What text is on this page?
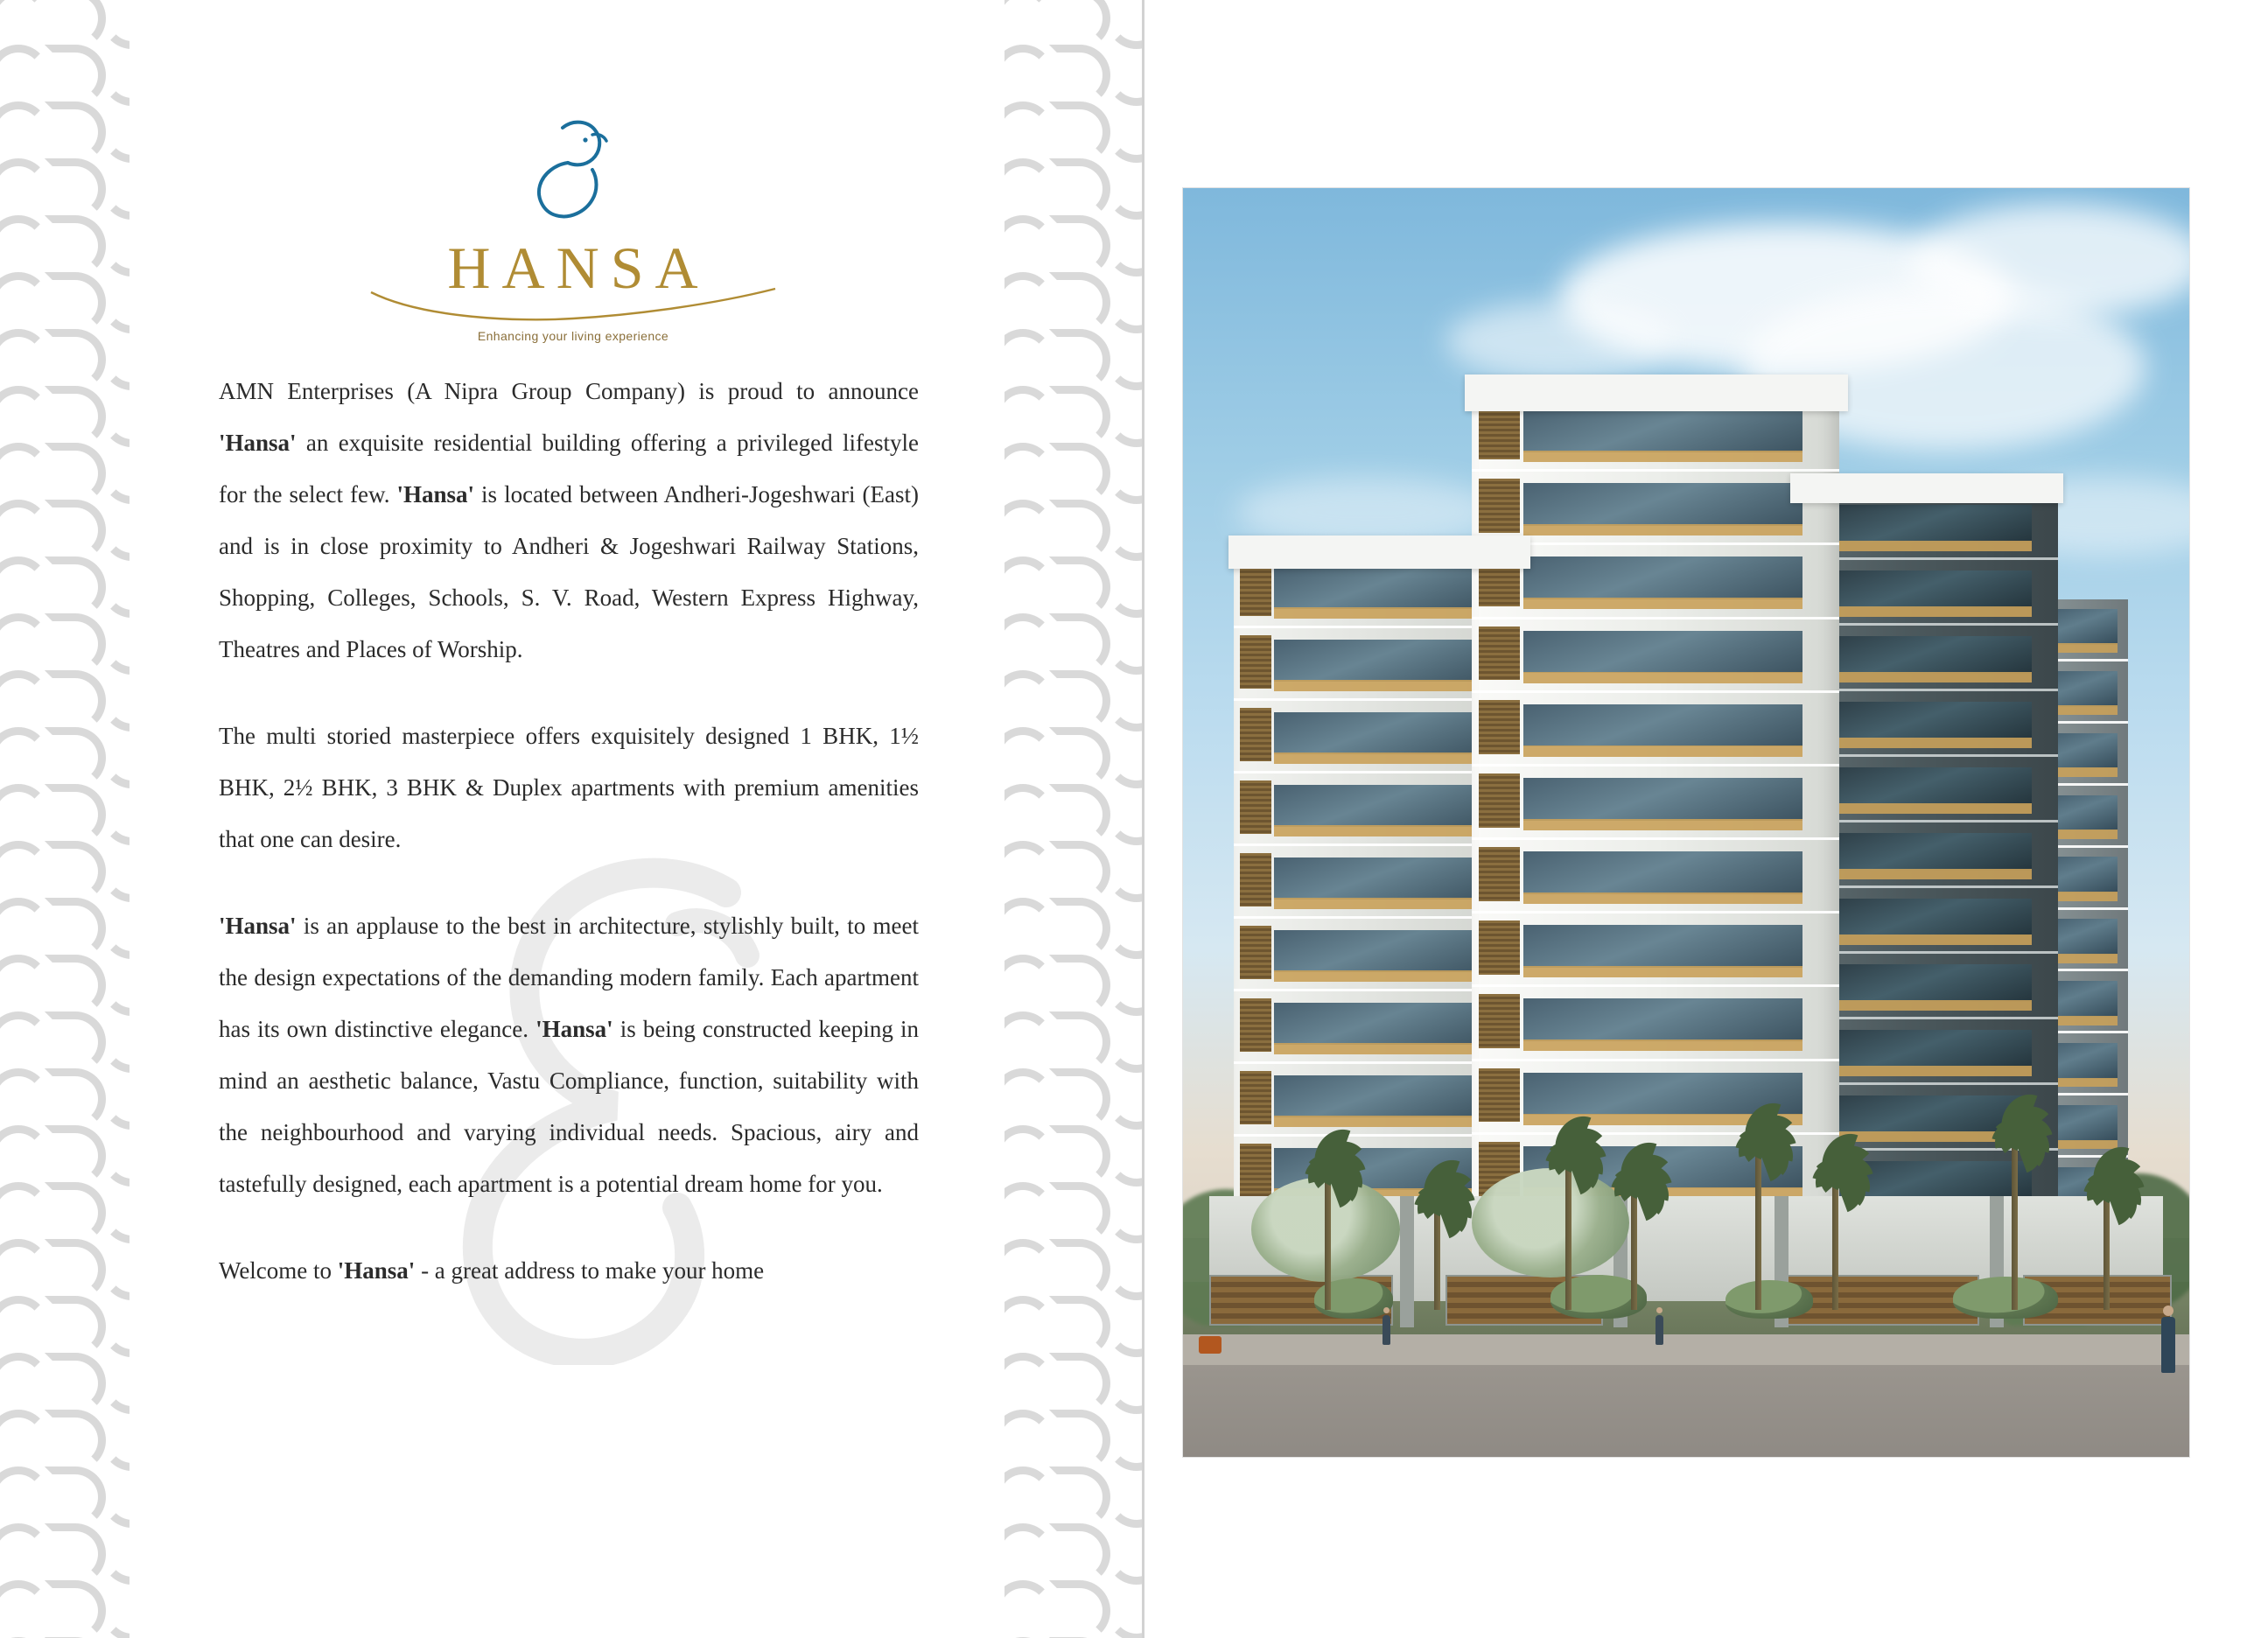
HANSA
Enhancing your living experience

AMN Enterprises (A Nipra Group Company) is proud to announce 'Hansa' an exquisite residential building offering a privileged lifestyle for the select few. 'Hansa' is located between Andheri-Jogeshwari (East) and is in close proximity to Andheri & Jogeshwari Railway Stations, Shopping, Colleges, Schools, S. V. Road, Western Express Highway, Theatres and Places of Worship.

The multi storied masterpiece offers exquisitely designed 1 BHK, 1½ BHK, 2½ BHK, 3 BHK & Duplex apartments with premium amenities that one can desire.

'Hansa' is an applause to the best in architecture, stylishly built, to meet the design expectations of the demanding modern family. Each apartment has its own distinctive elegance. 'Hansa' is being constructed keeping in mind an aesthetic balance, Vastu Compliance, function, suitability with the neighbourhood and varying individual needs. Spacious, airy and tastefully designed, each apartment is a potential dream home for you.

Welcome to 'Hansa' - a great address to make your home
